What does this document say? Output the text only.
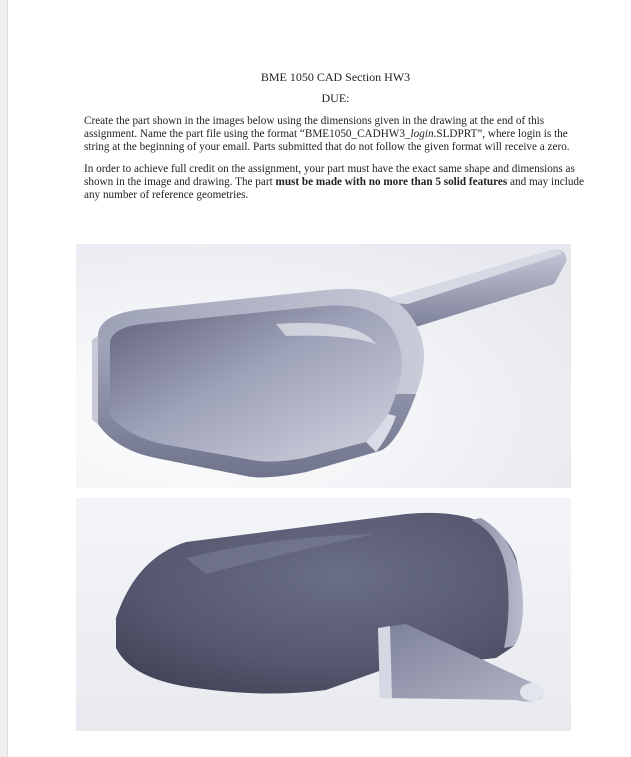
BME 1050 CAD Section HW3

DUE:

Create the part shown in the images below using the dimensions given in the drawing at the end of this assignment. Name the part file using the format “BME1050_CADHW3_login.SLDPRT”, where login is the string at the beginning of your email. Parts submitted that do not follow the given format will receive a zero.

In order to achieve full credit on the assignment, your part must have the exact same shape and dimensions as shown in the image and drawing. The part must be made with no more than 5 solid features and may include any number of reference geometries.
